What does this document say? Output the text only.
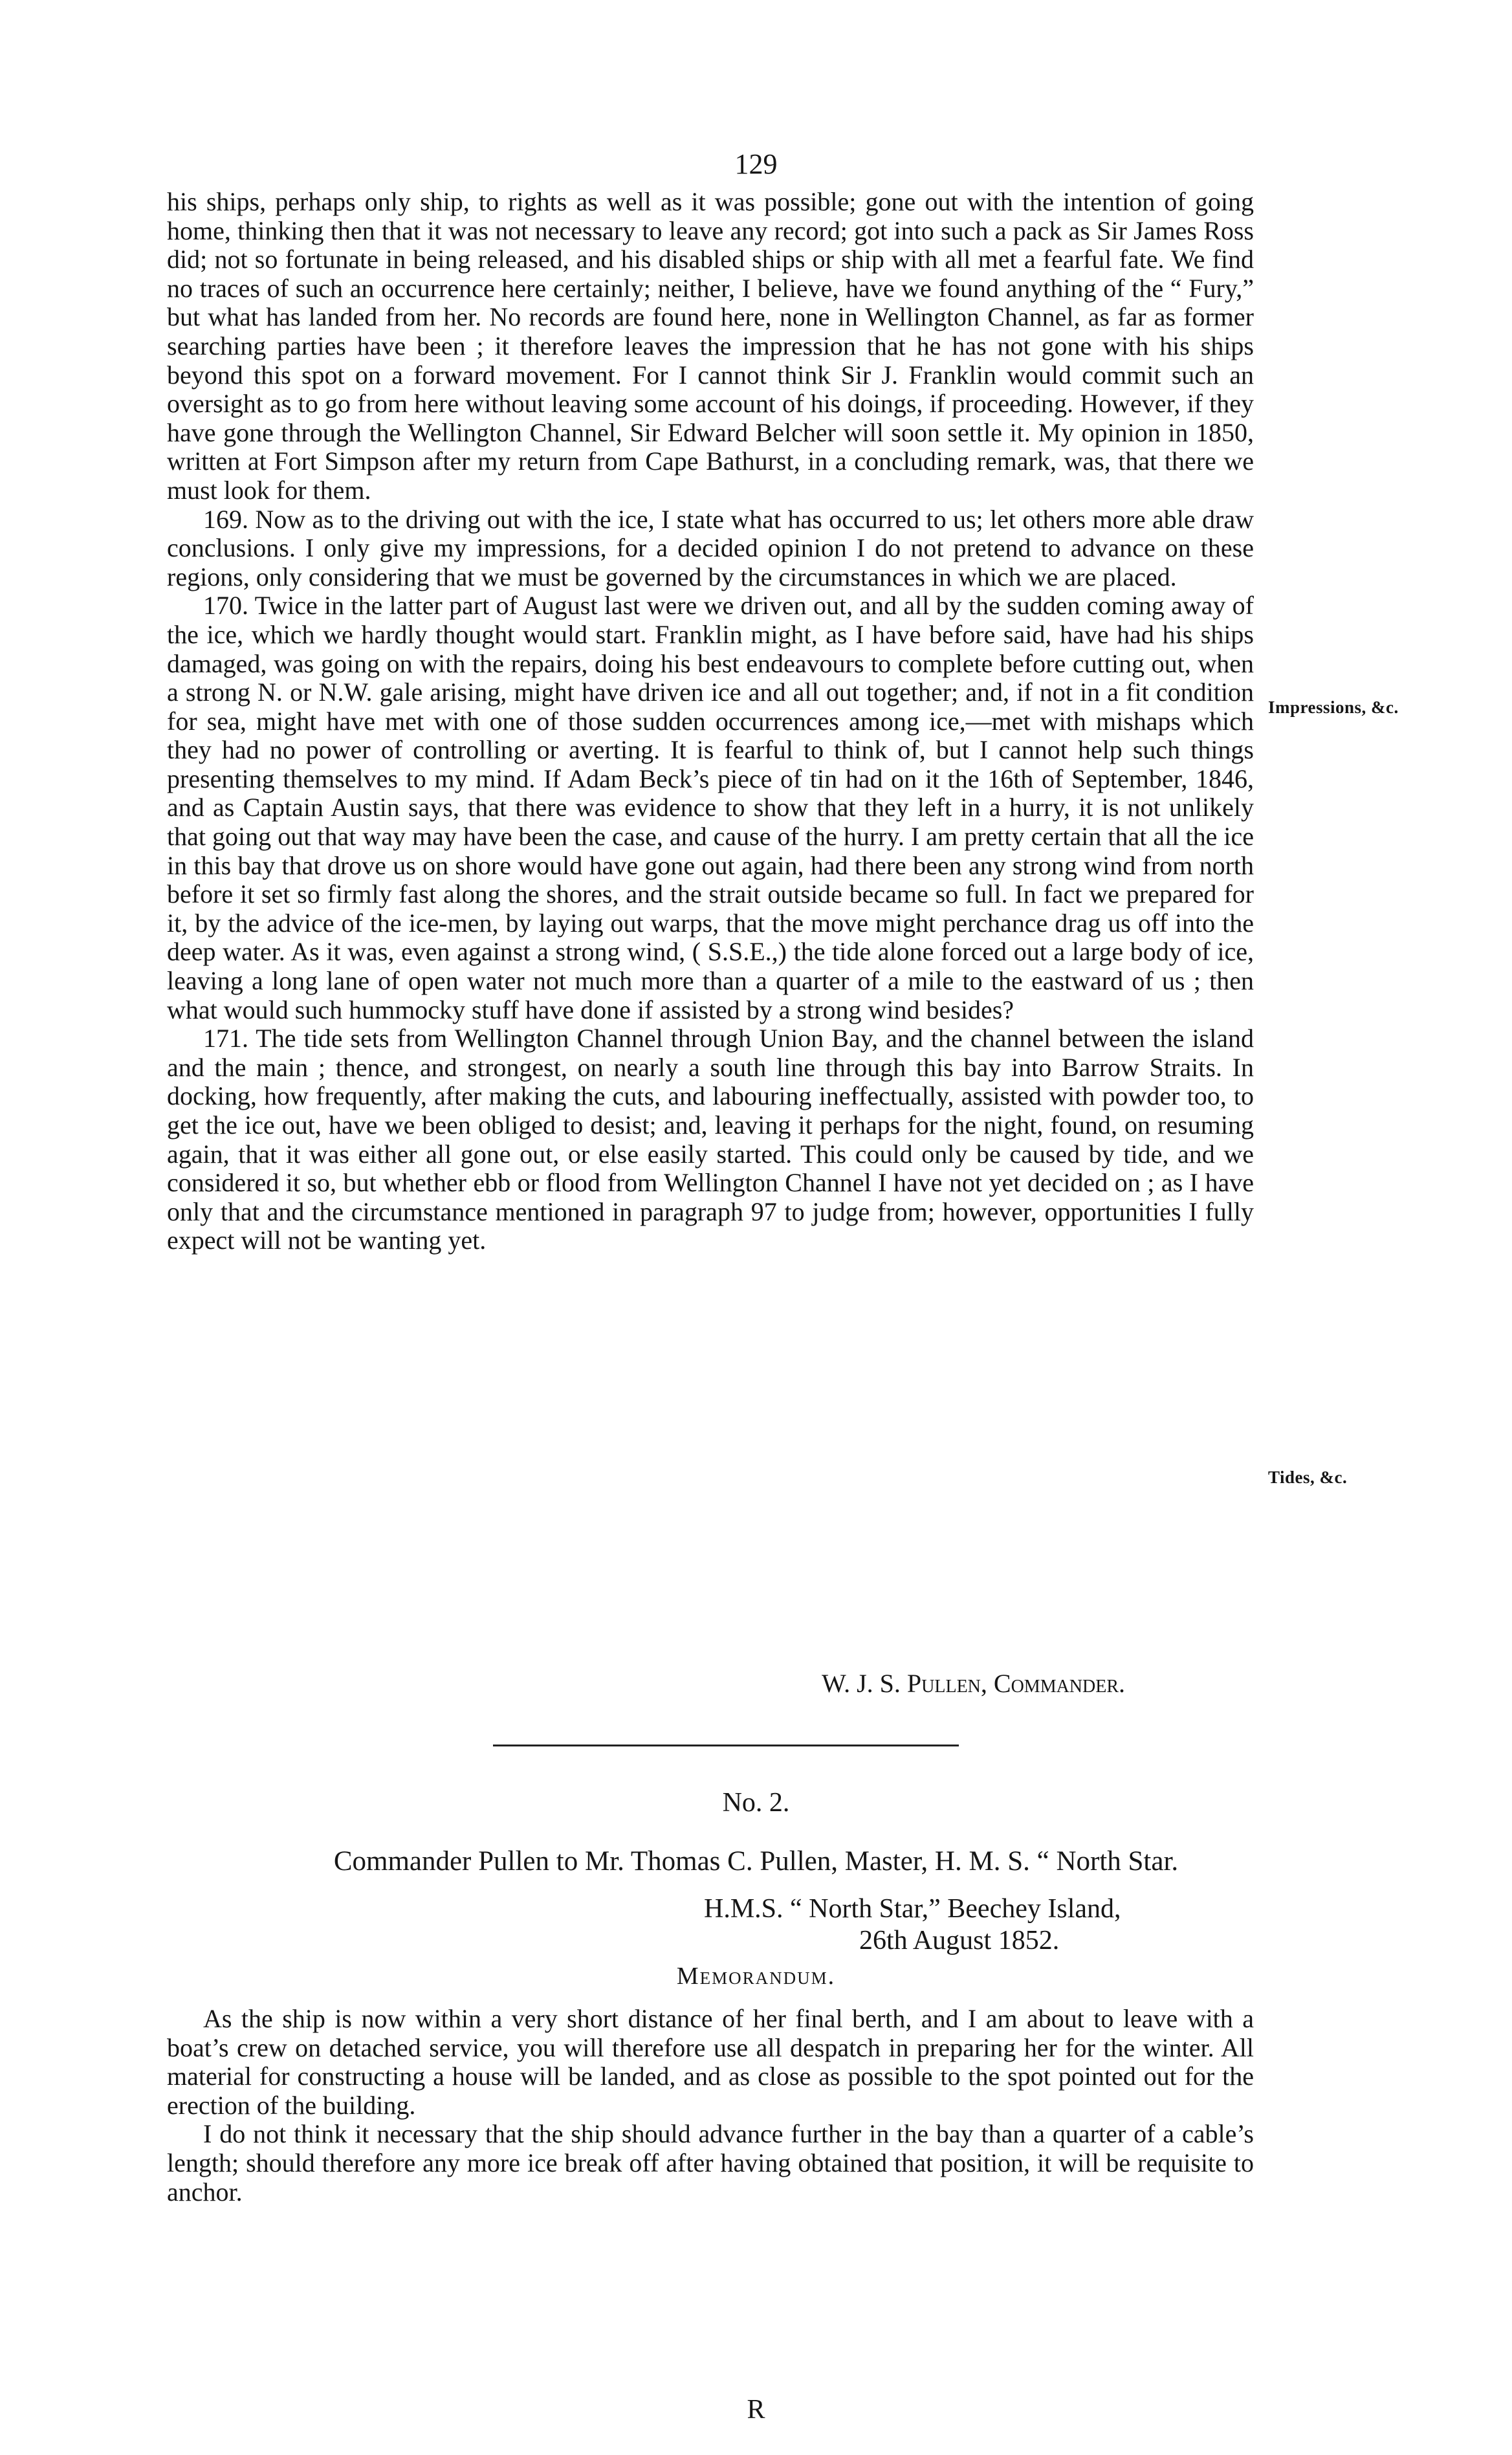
129

his ships, perhaps only ship, to rights as well as it was possible; gone out with the intention of going home, thinking then that it was not necessary to leave any record; got into such a pack as Sir James Ross did; not so fortunate in being released, and his disabled ships or ship with all met a fearful fate. We find no traces of such an occurrence here certainly; neither, I believe, have we found anything of the “ Fury,” but what has landed from her. No records are found here, none in Wellington Channel, as far as former searching parties have been ; it therefore leaves the impression that he has not gone with his ships beyond this spot on a forward movement. For I cannot think Sir J. Franklin would commit such an oversight as to go from here without leaving some account of his doings, if proceeding. However, if they have gone through the Wellington Channel, Sir Edward Belcher will soon settle it. My opinion in 1850, written at Fort Simpson after my return from Cape Bathurst, in a concluding remark, was, that there we must look for them.

169. Now as to the driving out with the ice, I state what has occurred to us; let others more able draw conclusions. I only give my impressions, for a decided opinion I do not pretend to advance on these regions, only considering that we must be governed by the circumstances in which we are placed.

170. Twice in the latter part of August last were we driven out, and all by the sudden coming away of the ice, which we hardly thought would start. Franklin might, as I have before said, have had his ships damaged, was going on with the repairs, doing his best endeavours to complete before cutting out, when a strong N. or N.W. gale arising, might have driven ice and all out together; and, if not in a fit condition for sea, might have met with one of those sudden occurrences among ice,—met with mishaps which they had no power of controlling or averting. It is fearful to think of, but I cannot help such things presenting themselves to my mind. If Adam Beck’s piece of tin had on it the 16th of September, 1846, and as Captain Austin says, that there was evidence to show that they left in a hurry, it is not unlikely that going out that way may have been the case, and cause of the hurry. I am pretty certain that all the ice in this bay that drove us on shore would have gone out again, had there been any strong wind from north before it set so firmly fast along the shores, and the strait outside became so full. In fact we prepared for it, by the advice of the ice-men, by laying out warps, that the move might perchance drag us off into the deep water. As it was, even against a strong wind, ( S.S.E.,) the tide alone forced out a large body of ice, leaving a long lane of open water not much more than a quarter of a mile to the eastward of us ; then what would such hummocky stuff have done if assisted by a strong wind besides?

171. The tide sets from Wellington Channel through Union Bay, and the channel between the island and the main ; thence, and strongest, on nearly a south line through this bay into Barrow Straits. In docking, how frequently, after making the cuts, and labouring ineffectually, assisted with powder too, to get the ice out, have we been obliged to desist; and, leaving it perhaps for the night, found, on resuming again, that it was either all gone out, or else easily started. This could only be caused by tide, and we considered it so, but whether ebb or flood from Wellington Channel I have not yet decided on ; as I have only that and the circumstance mentioned in paragraph 97 to judge from; however, opportunities I fully expect will not be wanting yet.

Impressions, &c.
Tides, &c.
W. J. S. Pullen, Commander.
No. 2.
Commander Pullen to Mr. Thomas C. Pullen, Master, H. M. S. “ North Star.
H.M.S. “ North Star,” Beechey Island,
26th August 1852.
Memorandum.

As the ship is now within a very short distance of her final berth, and I am about to leave with a boat’s crew on detached service, you will therefore use all despatch in preparing her for the winter. All material for constructing a house will be landed, and as close as possible to the spot pointed out for the erection of the building.

I do not think it necessary that the ship should advance further in the bay than a quarter of a cable’s length; should therefore any more ice break off after having obtained that position, it will be requisite to anchor.

R
